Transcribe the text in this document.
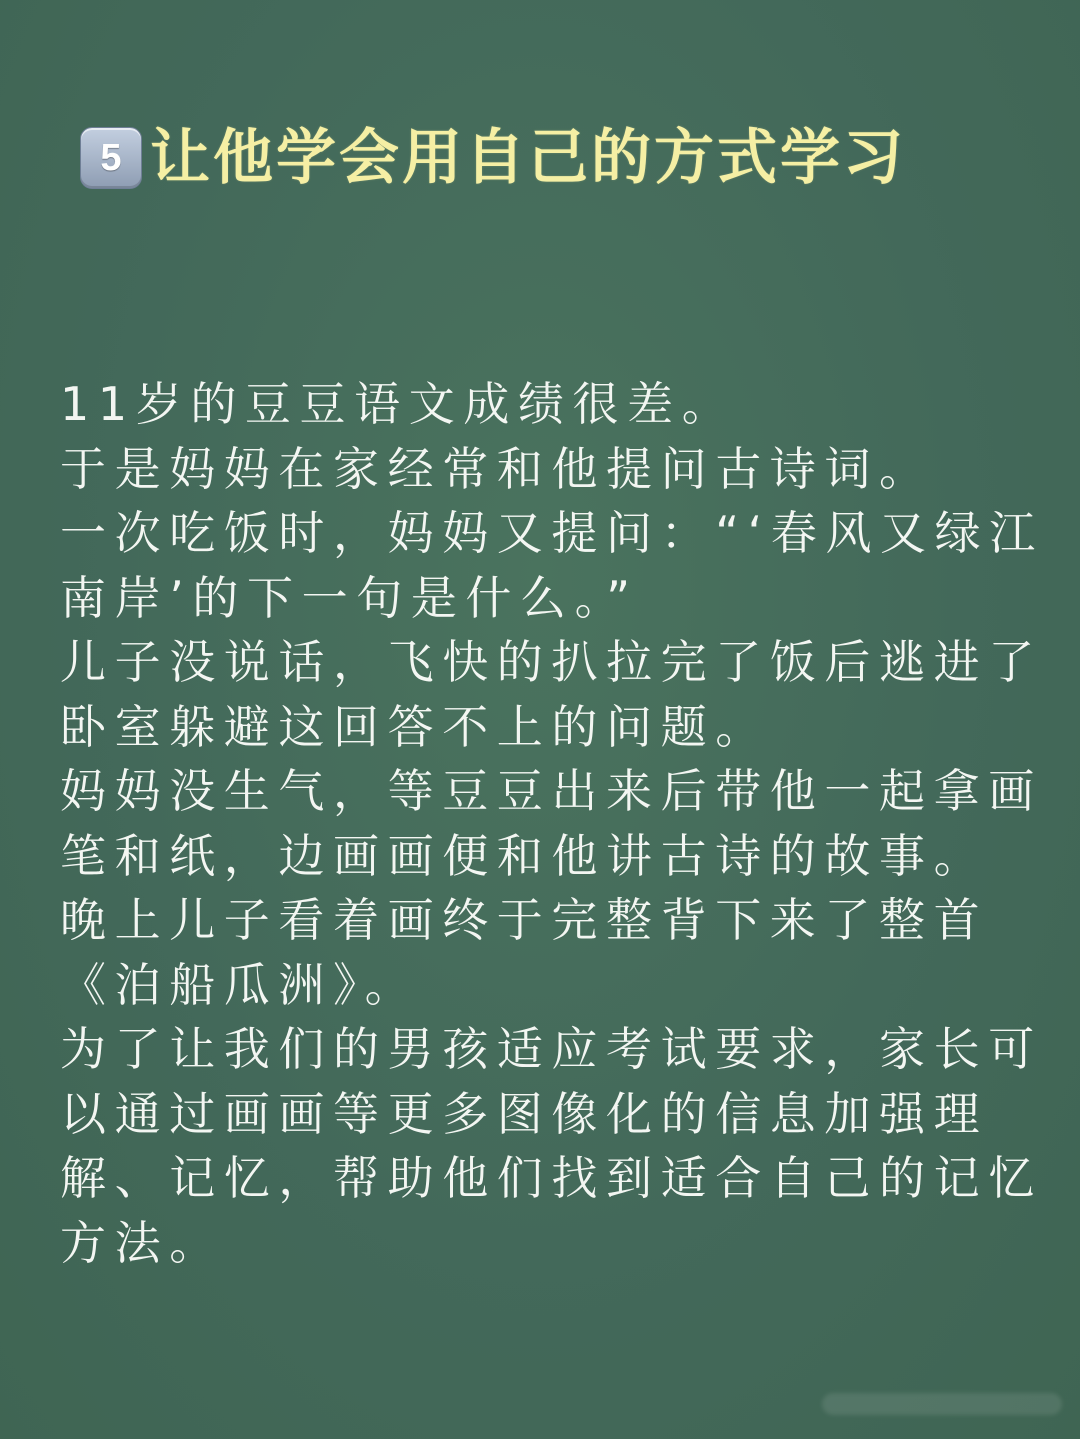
5 让他学会用自己的方式学习
11岁的豆豆语文成绩很差。
于是妈妈在家经常和他提问古诗词。
一次吃饭时，妈妈又提问：“‘春风又绿江南岸’的下一句是什么。”
儿子没说话，飞快的扒拉完了饭后逃进了卧室躲避这回答不上的问题。
妈妈没生气，等豆豆出来后带他一起拿画笔和纸，边画画便和他讲古诗的故事。
晚上儿子看着画终于完整背下来了整首《泊船瓜洲》。
为了让我们的男孩适应考试要求，家长可以通过画画等更多图像化的信息加强理解、记忆，帮助他们找到适合自己的记忆方法。
